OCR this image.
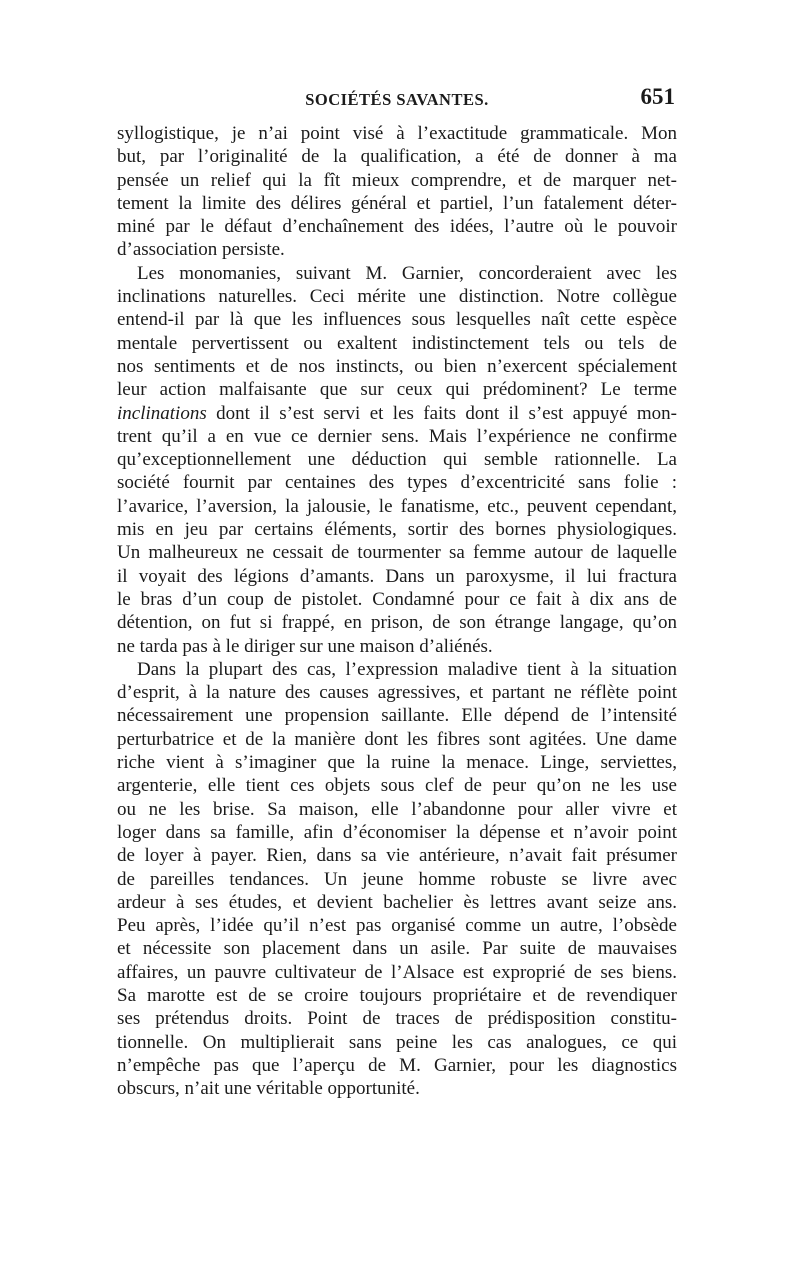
SOCIÉTÉS SAVANTES.	651
syllogistique, je n’ai point visé à l’exactitude grammaticale. Mon
but, par l’originalité de la qualification, a été de donner à ma
pensée un relief qui la fît mieux comprendre, et de marquer net-
tement la limite des délires général et partiel, l’un fatalement déter-
miné par le défaut d’enchaînement des idées, l’autre où le pouvoir
d’association persiste.
Les monomanies, suivant M. Garnier, concorderaient avec les
inclinations naturelles. Ceci mérite une distinction. Notre collègue
entend-il par là que les influences sous lesquelles naît cette espèce
mentale pervertissent ou exaltent indistinctement tels ou tels de
nos sentiments et de nos instincts, ou bien n’exercent spécialement
leur action malfaisante que sur ceux qui prédominent? Le terme
inclinations dont il s’est servi et les faits dont il s’est appuyé mon-
trent qu’il a en vue ce dernier sens. Mais l’expérience ne confirme
qu’exceptionnellement une déduction qui semble rationnelle. La
société fournit par centaines des types d’excentricité sans folie :
l’avarice, l’aversion, la jalousie, le fanatisme, etc., peuvent cependant,
mis en jeu par certains éléments, sortir des bornes physiologiques.
Un malheureux ne cessait de tourmenter sa femme autour de laquelle
il voyait des légions d’amants. Dans un paroxysme, il lui fractura
le bras d’un coup de pistolet. Condamné pour ce fait à dix ans de
détention, on fut si frappé, en prison, de son étrange langage, qu’on
ne tarda pas à le diriger sur une maison d’aliénés.
Dans la plupart des cas, l’expression maladive tient à la situation
d’esprit, à la nature des causes agressives, et partant ne réflète point
nécessairement une propension saillante. Elle dépend de l’intensité
perturbatrice et de la manière dont les fibres sont agitées. Une dame
riche vient à s’imaginer que la ruine la menace. Linge, serviettes,
argenterie, elle tient ces objets sous clef de peur qu’on ne les use
ou ne les brise. Sa maison, elle l’abandonne pour aller vivre et
loger dans sa famille, afin d’économiser la dépense et n’avoir point
de loyer à payer. Rien, dans sa vie antérieure, n’avait fait présumer
de pareilles tendances. Un jeune homme robuste se livre avec
ardeur à ses études, et devient bachelier ès lettres avant seize ans.
Peu après, l’idée qu’il n’est pas organisé comme un autre, l’obsède
et nécessite son placement dans un asile. Par suite de mauvaises
affaires, un pauvre cultivateur de l’Alsace est exproprié de ses biens.
Sa marotte est de se croire toujours propriétaire et de revendiquer
ses prétendus droits. Point de traces de prédisposition constitu-
tionnelle. On multiplierait sans peine les cas analogues, ce qui
n’empêche pas que l’aperçu de M. Garnier, pour les diagnostics
obscurs, n’ait une véritable opportunité.
